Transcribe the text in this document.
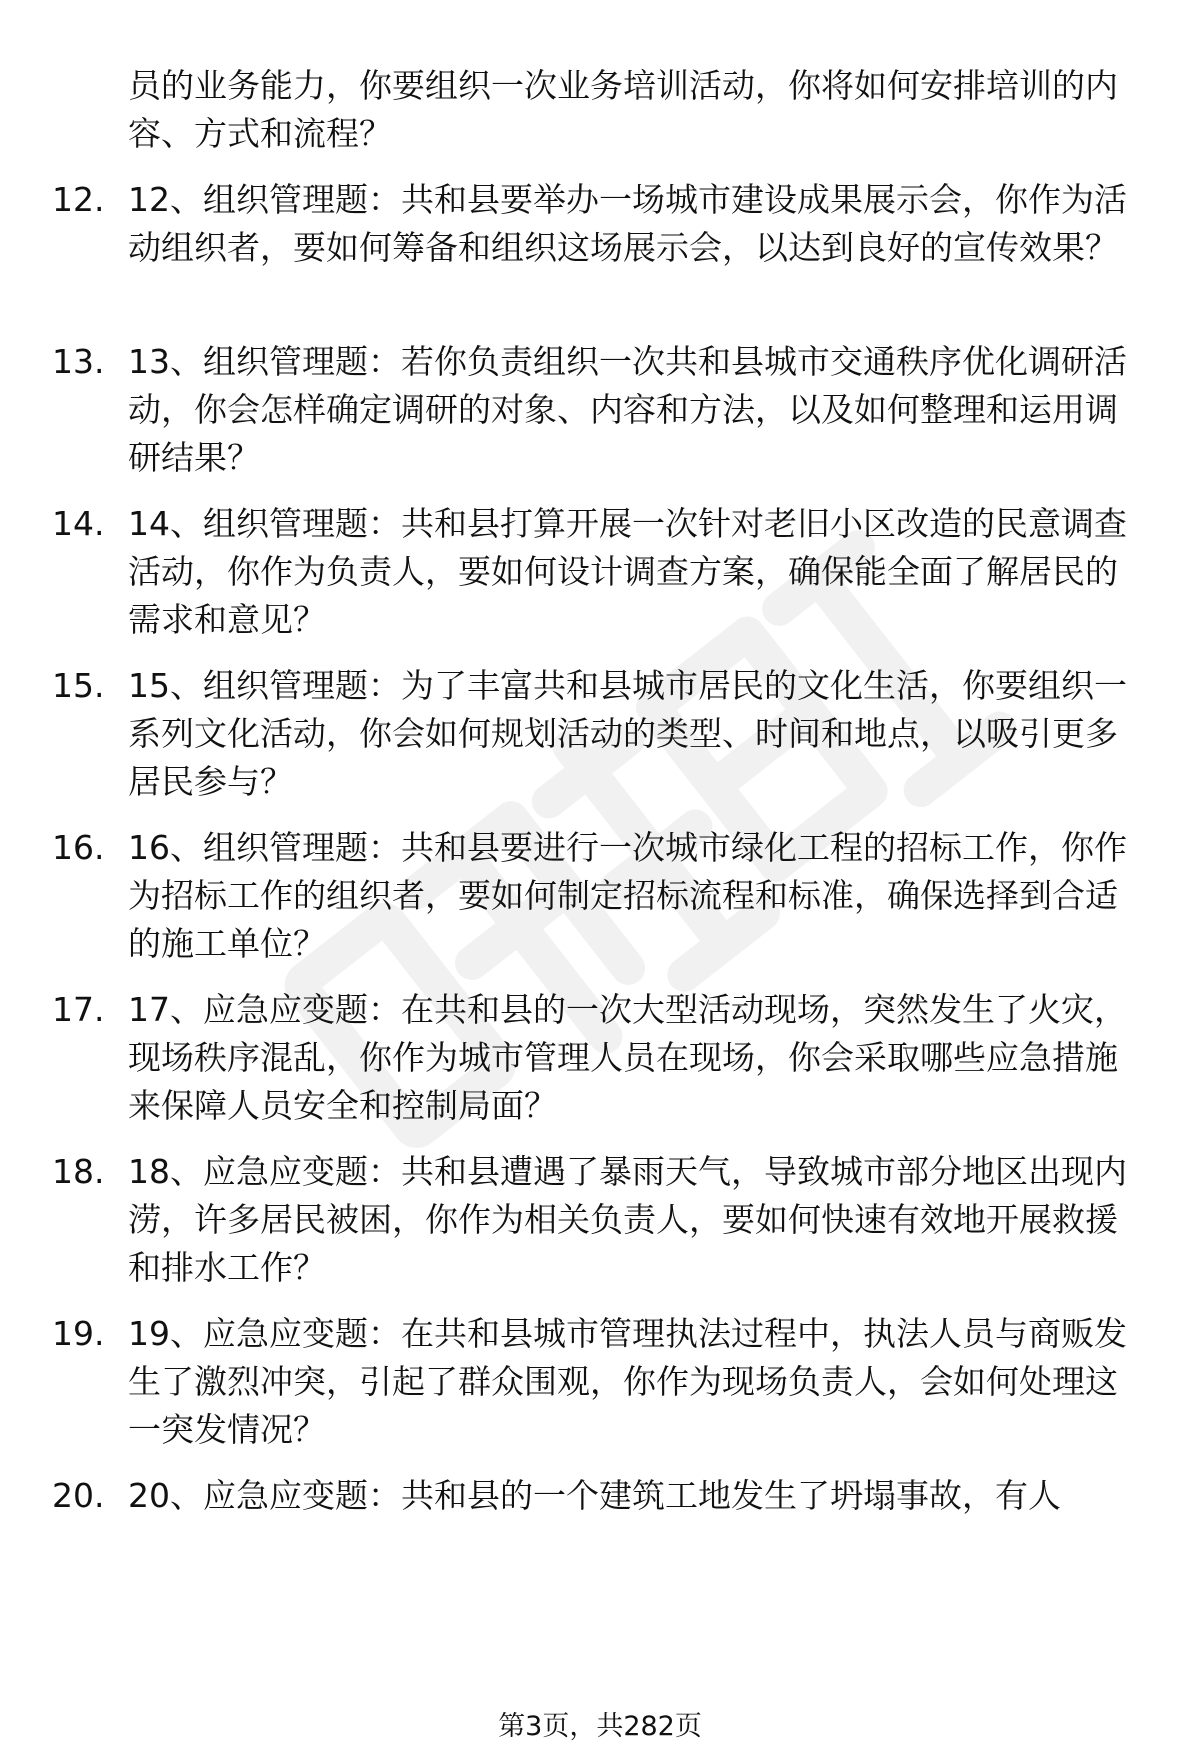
员的业务能力，你要组织一次业务培训活动，你将如何安排培训的内容、方式和流程？

12. 12、组织管理题：共和县要举办一场城市建设成果展示会，你作为活动组织者，要如何筹备和组织这场展示会，以达到良好的宣传效果？

13. 13、组织管理题：若你负责组织一次共和县城市交通秩序优化调研活动，你会怎样确定调研的对象、内容和方法，以及如何整理和运用调研结果？

14. 14、组织管理题：共和县打算开展一次针对老旧小区改造的民意调查活动，你作为负责人，要如何设计调查方案，确保能全面了解居民的需求和意见？

15. 15、组织管理题：为了丰富共和县城市居民的文化生活，你要组织一系列文化活动，你会如何规划活动的类型、时间和地点，以吸引更多居民参与？

16. 16、组织管理题：共和县要进行一次城市绿化工程的招标工作，你作为招标工作的组织者，要如何制定招标流程和标准，确保选择到合适的施工单位？

17. 17、应急应变题：在共和县的一次大型活动现场，突然发生了火灾，现场秩序混乱，你作为城市管理人员在现场，你会采取哪些应急措施来保障人员安全和控制局面？

18. 18、应急应变题：共和县遭遇了暴雨天气，导致城市部分地区出现内涝，许多居民被困，你作为相关负责人，要如何快速有效地开展救援和排水工作？

19. 19、应急应变题：在共和县城市管理执法过程中，执法人员与商贩发生了激烈冲突，引起了群众围观，你作为现场负责人，会如何处理这一突发情况？

20. 20、应急应变题：共和县的一个建筑工地发生了坍塌事故，有人

第3页，共282页
